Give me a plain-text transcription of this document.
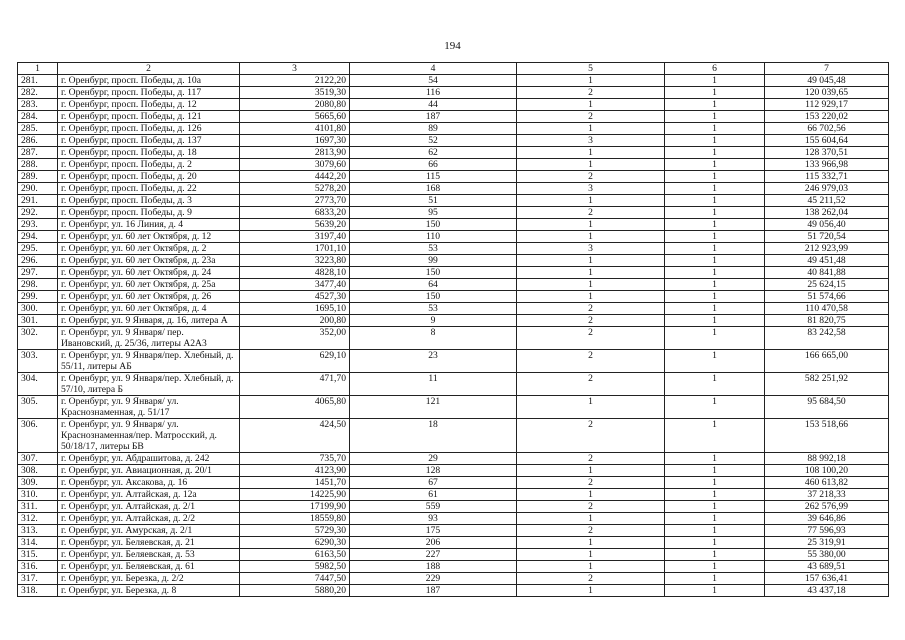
194
1	2	3	4	5	6	7
281.	г. Оренбург, просп. Победы, д. 10а	2122,20	54	1	1	49 045,48
282.	г. Оренбург, просп. Победы, д. 117	3519,30	116	2	1	120 039,65
283.	г. Оренбург, просп. Победы, д. 12	2080,80	44	1	1	112 929,17
284.	г. Оренбург, просп. Победы, д. 121	5665,60	187	2	1	153 220,02
285.	г. Оренбург, просп. Победы, д. 126	4101,80	89	1	1	66 702,56
286.	г. Оренбург, просп. Победы, д. 137	1697,30	52	3	1	155 604,64
287.	г. Оренбург, просп. Победы, д. 18	2813,90	62	1	1	128 370,51
288.	г. Оренбург, просп. Победы, д. 2	3079,60	66	1	1	133 966,98
289.	г. Оренбург, просп. Победы, д. 20	4442,20	115	2	1	115 332,71
290.	г. Оренбург, просп. Победы, д. 22	5278,20	168	3	1	246 979,03
291.	г. Оренбург, просп. Победы, д. 3	2773,70	51	1	1	45 211,52
292.	г. Оренбург, просп. Победы, д. 9	6833,20	95	2	1	138 262,04
293.	г. Оренбург, ул. 16 Линия, д. 4	5639,20	150	1	1	49 056,40
294.	г. Оренбург, ул. 60 лет Октября, д. 12	3197,40	110	1	1	51 720,54
295.	г. Оренбург, ул. 60 лет Октября, д. 2	1701,10	53	3	1	212 923,99
296.	г. Оренбург, ул. 60 лет Октября, д. 23а	3223,80	99	1	1	49 451,48
297.	г. Оренбург, ул. 60 лет Октября, д. 24	4828,10	150	1	1	40 841,88
298.	г. Оренбург, ул. 60 лет Октября, д. 25а	3477,40	64	1	1	25 624,15
299.	г. Оренбург, ул. 60 лет Октября, д. 26	4527,30	150	1	1	51 574,66
300.	г. Оренбург, ул. 60 лет Октября, д. 4	1695,10	53	2	1	110 470,58
301.	г. Оренбург, ул. 9 Января, д. 16, литера А	200,80	9	2	1	81 820,75
302.	г. Оренбург, ул. 9 Января/ пер. Ивановский, д. 25/36, литеры А2А3	352,00	8	2	1	83 242,58
303.	г. Оренбург, ул. 9 Января/пер. Хлебный, д. 55/11, литеры АБ	629,10	23	2	1	166 665,00
304.	г. Оренбург, ул. 9 Января/пер. Хлебный, д. 57/10, литера Б	471,70	11	2	1	582 251,92
305.	г. Оренбург, ул. 9 Января/ ул. Краснознаменная, д. 51/17	4065,80	121	1	1	95 684,50
306.	г. Оренбург, ул. 9 Января/ ул. Краснознаменная/пер. Матросский, д. 50/18/17, литеры БВ	424,50	18	2	1	153 518,66
307.	г. Оренбург, ул. Абдрашитова, д. 242	735,70	29	2	1	88 992,18
308.	г. Оренбург, ул. Авиационная, д. 20/1	4123,90	128	1	1	108 100,20
309.	г. Оренбург, ул. Аксакова, д. 16	1451,70	67	2	1	460 613,82
310.	г. Оренбург, ул. Алтайская, д. 12а	14225,90	61	1	1	37 218,33
311.	г. Оренбург, ул. Алтайская, д. 2/1	17199,90	559	2	1	262 576,99
312.	г. Оренбург, ул. Алтайская, д. 2/2	18559,80	93	1	1	39 646,86
313.	г. Оренбург, ул. Амурская, д. 2/1	5729,30	175	2	1	77 596,93
314.	г. Оренбург, ул. Беляевская, д. 21	6290,30	206	1	1	25 319,91
315.	г. Оренбург, ул. Беляевская, д. 53	6163,50	227	1	1	55 380,00
316.	г. Оренбург, ул. Беляевская, д. 61	5982,50	188	1	1	43 689,51
317.	г. Оренбург, ул. Березка, д. 2/2	7447,50	229	2	1	157 636,41
318.	г. Оренбург, ул. Березка, д. 8	5880,20	187	1	1	43 437,18
